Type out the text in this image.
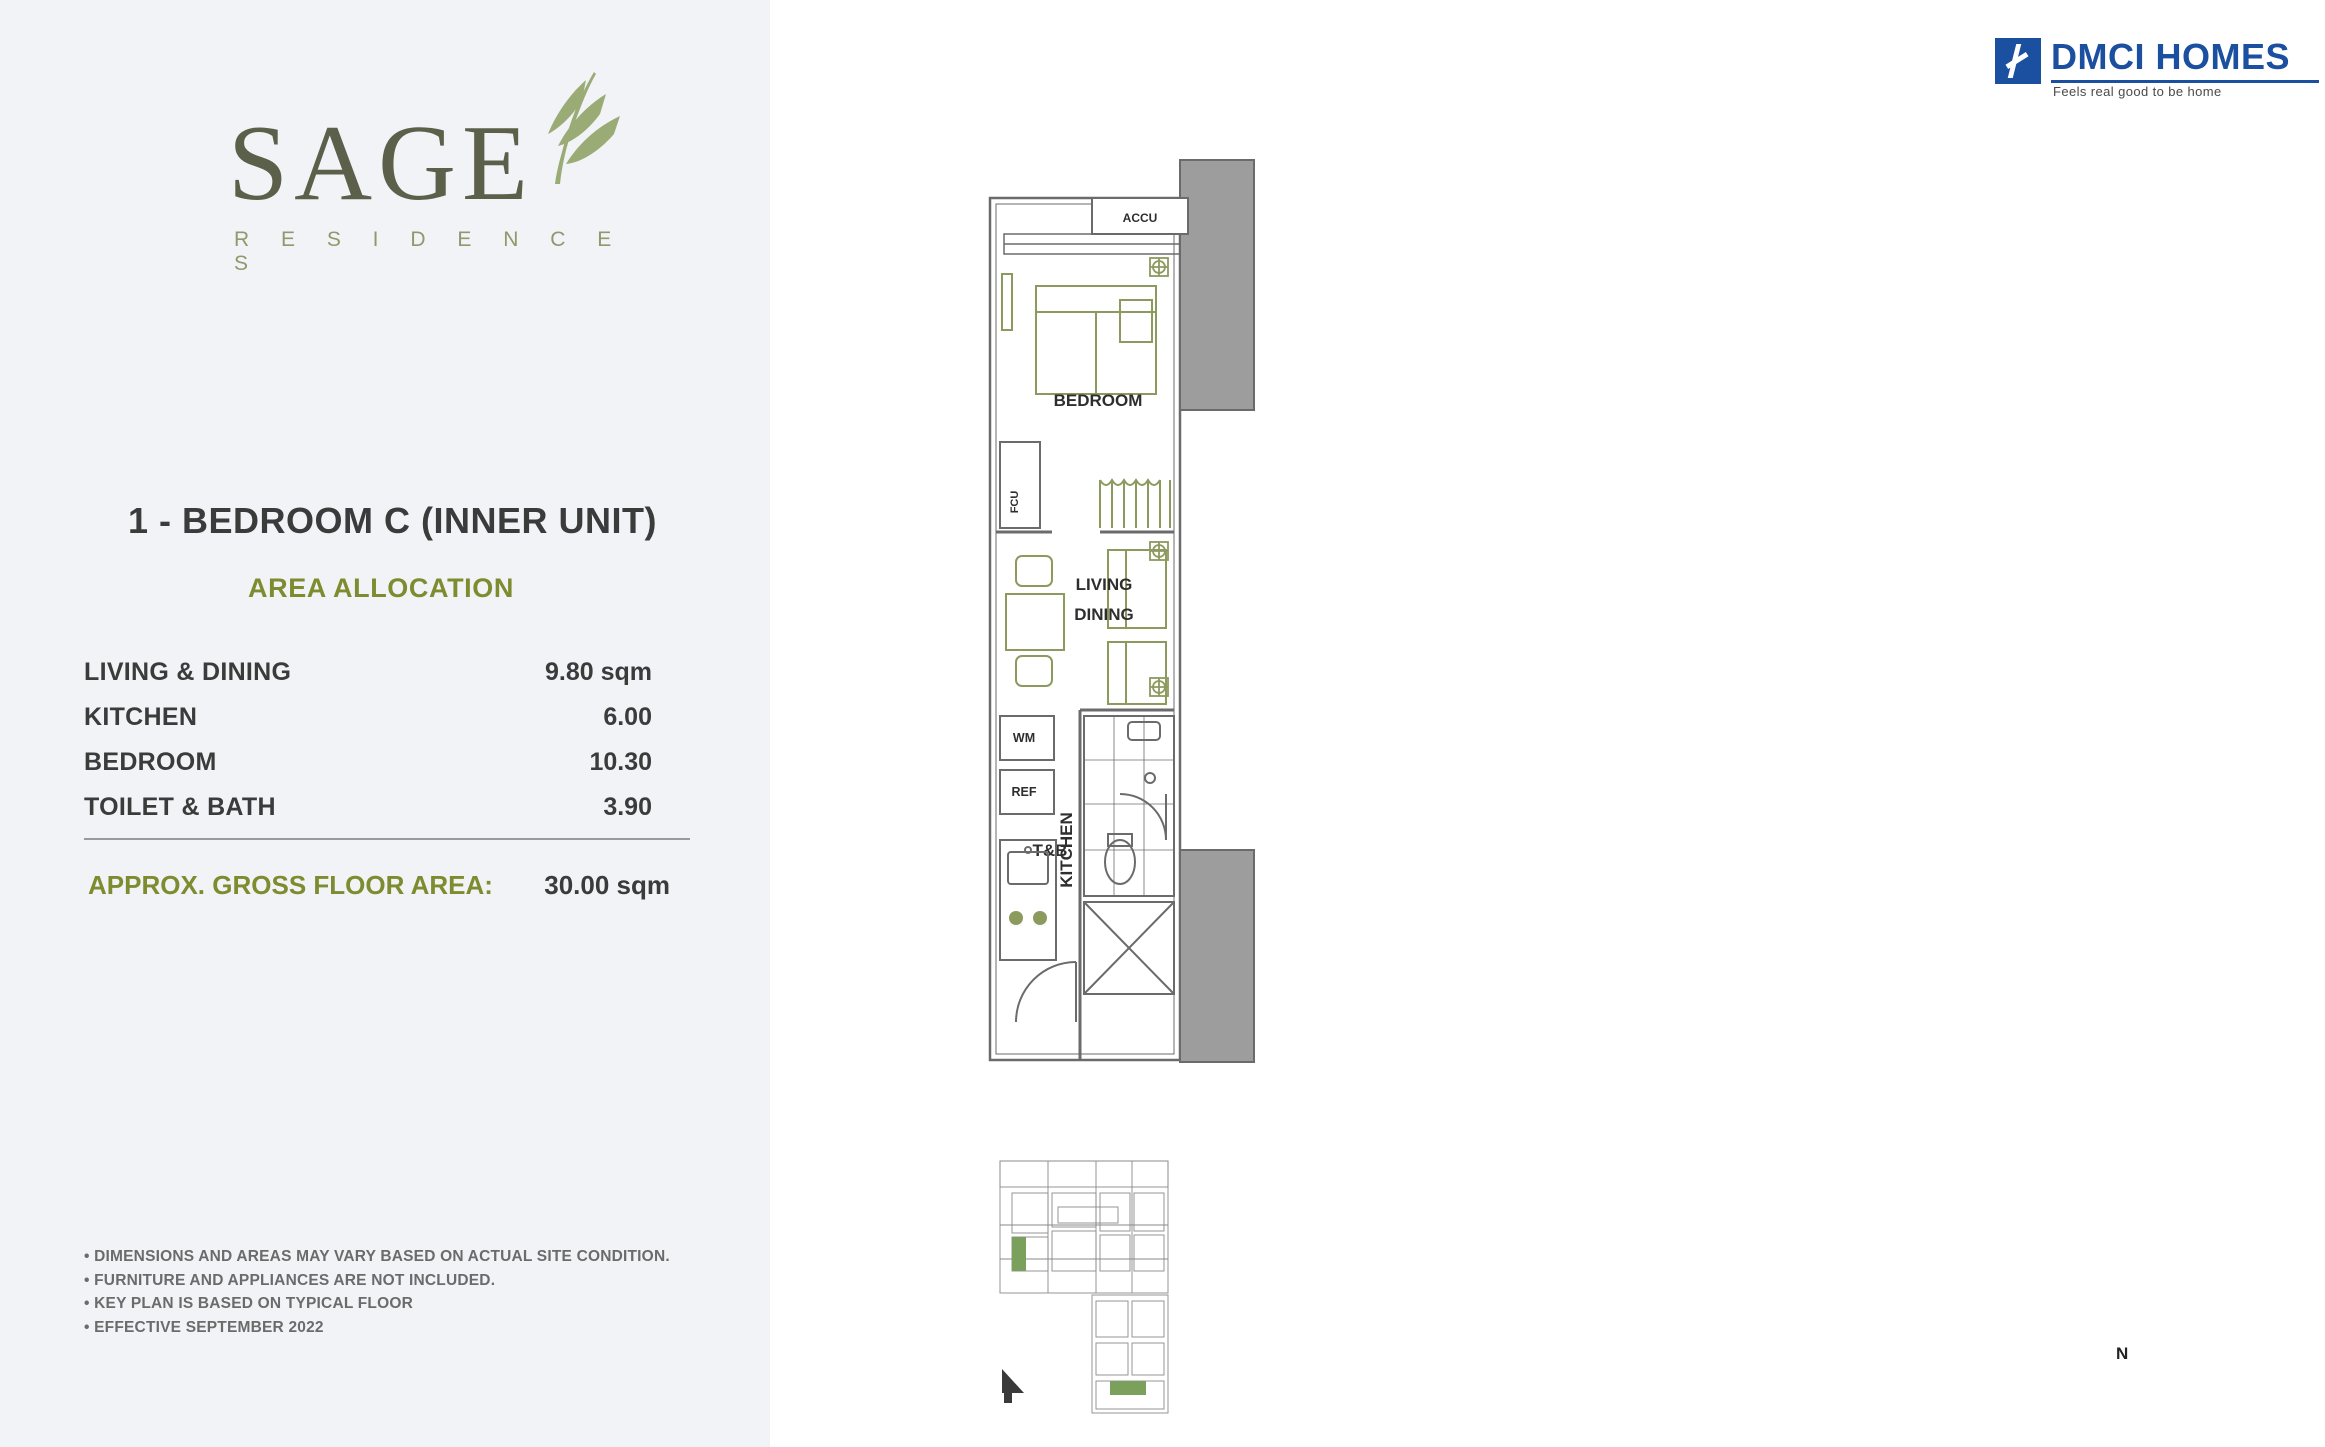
SAGE
R E S I D E N C E S
1 - BEDROOM C (INNER UNIT)
AREA ALLOCATION
LIVING & DINING	9.80 sqm
KITCHEN	6.00
BEDROOM	10.30
TOILET & BATH	3.90
APPROX. GROSS FLOOR AREA: 30.00 sqm
• DIMENSIONS AND AREAS MAY VARY BASED ON ACTUAL SITE CONDITION.
• FURNITURE AND APPLIANCES ARE NOT INCLUDED.
• KEY PLAN IS BASED ON TYPICAL FLOOR
• EFFECTIVE SEPTEMBER 2022
DMCI HOMES
Feels real good to be home
ACCU
BEDROOM
FCU
LIVING
DINING
T&B
WM
REF
KITCHEN
N
